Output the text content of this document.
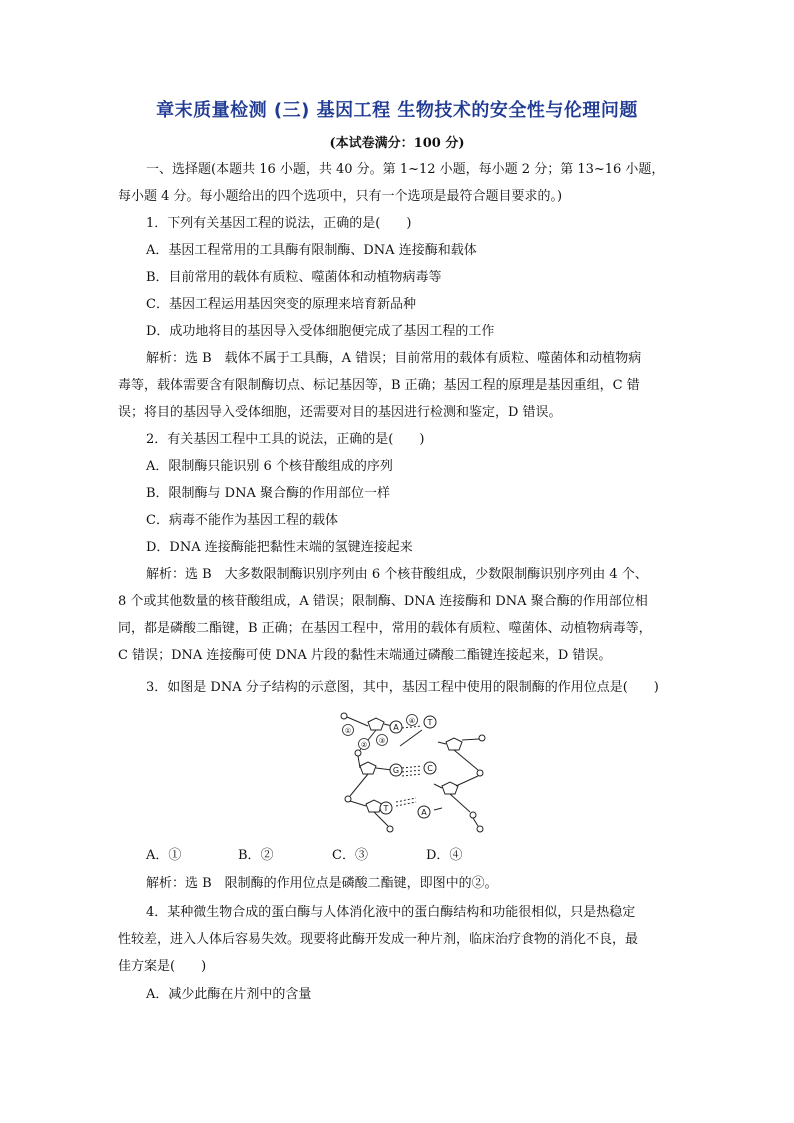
章末质量检测 (三) 基因工程 生物技术的安全性与伦理问题
(本试卷满分：100 分)
一、选择题(本题共 16 小题，共 40 分。第 1~12 小题，每小题 2 分；第 13~16 小题，
每小题 4 分。每小题给出的四个选项中，只有一个选项是最符合题目要求的。)
1．下列有关基因工程的说法，正确的是(　　)
A．基因工程常用的工具酶有限制酶、DNA 连接酶和载体
B．目前常用的载体有质粒、噬菌体和动植物病毒等
C．基因工程运用基因突变的原理来培育新品种
D．成功地将目的基因导入受体细胞便完成了基因工程的工作
解析：选 B　载体不属于工具酶，A 错误；目前常用的载体有质粒、噬菌体和动植物病
毒等，载体需要含有限制酶切点、标记基因等，B 正确；基因工程的原理是基因重组，C 错
误；将目的基因导入受体细胞，还需要对目的基因进行检测和鉴定，D 错误。
2．有关基因工程中工具的说法，正确的是(　　)
A．限制酶只能识别 6 个核苷酸组成的序列
B．限制酶与 DNA 聚合酶的作用部位一样
C．病毒不能作为基因工程的载体
D．DNA 连接酶能把黏性末端的氢键连接起来
解析：选 B　大多数限制酶识别序列由 6 个核苷酸组成，少数限制酶识别序列由 4 个、
8 个或其他数量的核苷酸组成，A 错误；限制酶、DNA 连接酶和 DNA 聚合酶的作用部位相
同，都是磷酸二酯键，B 正确；在基因工程中，常用的载体有质粒、噬菌体、动植物病毒等，
C 错误；DNA 连接酶可使 DNA 片段的黏性末端通过磷酸二酯键连接起来，D 错误。
3．如图是 DNA 分子结构的示意图，其中，基因工程中使用的限制酶的作用位点是(　　)
A
T
G	C
T	A
①
② ③
④
A．①	B．②	C．③	D．④
解析：选 B　限制酶的作用位点是磷酸二酯键，即图中的②。
4．某种微生物合成的蛋白酶与人体消化液中的蛋白酶结构和功能很相似，只是热稳定
性较差，进入人体后容易失效。现要将此酶开发成一种片剂，临床治疗食物的消化不良，最
佳方案是(　　)
A．减少此酶在片剂中的含量
